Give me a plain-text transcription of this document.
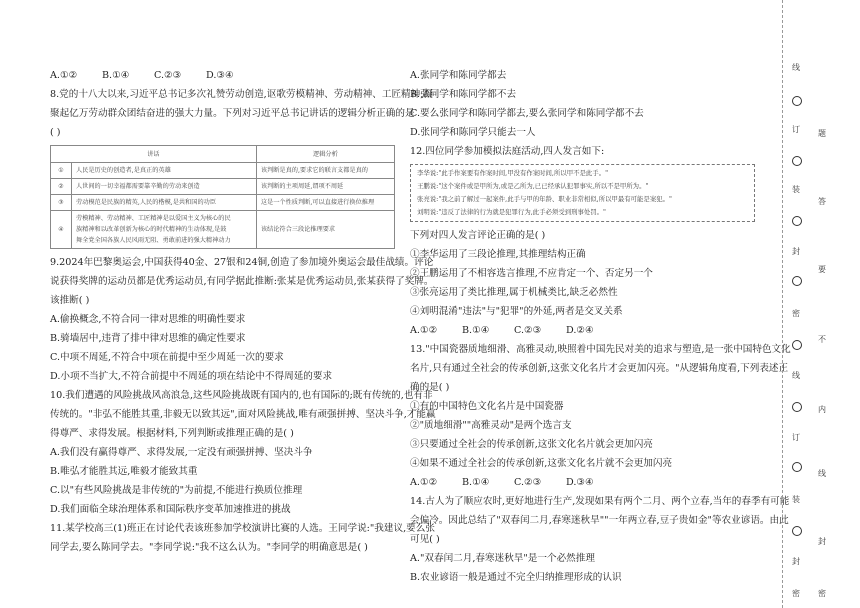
A.①②	B.①④	C.②③	D.③④
8.党的十八大以来,习近平总书记多次礼赞劳动创造,讴歌劳模精神、劳动精神、工匠精神,凝
聚起亿万劳动群众团结奋进的强大力量。下列对习近平总书记讲话的逻辑分析正确的是
( )
讲话		逻辑分析
①	人民是历史的创造者,是真正的英雄	该判断是真的,要求它的联言支都是真的

②	人世间的一切幸福都需要靠辛勤的劳动来创造	该判断的主项周延,谓项不周延

③	劳动模范是民族的精英,人民的楷模,是共和国的功臣	这是一个性质判断,可以直接进行换位推理

④	劳模精神、劳动精神、工匠精神是以爱国主义为核心的民
族精神和以改革创新为核心的时代精神的生动体现,是鼓
舞全党全国各族人民风雨无阻、勇敢前进的强大精神动力	该结论符合三段论推理要求
9.2024年巴黎奥运会,中国获得40金、27银和24铜,创造了参加境外奥运会最佳战绩。评论
说获得奖牌的运动员都是优秀运动员,有同学据此推断:张某是优秀运动员,张某获得了奖牌。
该推断( )
A.偷换概念,不符合同一律对思维的明确性要求
B.骑墙居中,违背了排中律对思维的确定性要求
C.中项不周延,不符合中项在前提中至少周延一次的要求
D.小项不当扩大,不符合前提中不周延的项在结论中不得周延的要求
10.我们遭遇的风险挑战风高浪急,这些风险挑战既有国内的,也有国际的;既有传统的,也有非
传统的。"非弘不能胜其重,非毅无以致其远",面对风险挑战,唯有顽强拼搏、坚决斗争,才能赢
得尊严、求得发展。根据材料,下列判断或推理正确的是( )
A.我们没有赢得尊严、求得发展,一定没有顽强拼搏、坚决斗争
B.唯弘才能胜其远,唯毅才能致其重
C.以"有些风险挑战是非传统的"为前提,不能进行换质位推理
D.我们面临全球治理体系和国际秩序变革加速推进的挑战
11.某学校高三(1)班正在讨论代表该班参加学校演讲比赛的人选。王同学说:"我建议,要么张
同学去,要么陈同学去。"李同学说:"我不这么认为。"李同学的明确意思是( )
A.张同学和陈同学都去
B.张同学和陈同学都不去
C.要么张同学和陈同学都去,要么张同学和陈同学都不去
D.张同学和陈同学只能去一人
12.四位同学参加模拟法庭活动,四人发言如下:
李华说:"此手作案要有作案时间,甲没有作案时间,所以甲不是此手。"
王鹏说:"这个案件或是甲所为,或是乙所为,已已经承认犯罪事实,所以不是甲所为。"
张亮说:"我之前了解过一起案件,此手与甲的年龄、职业非常相似,所以甲最有可能是案犯。"
刘明说:"违反了法律的行为就是犯罪行为,此手必须受到刑事处罚。"
下列对四人发言评论正确的是( )
①李华运用了三段论推理,其推理结构正确
②王鹏运用了不相容选言推理,不应肯定一个、否定另一个
③张亮运用了类比推理,属于机械类比,缺乏必然性
④刘明混淆"违法"与"犯罪"的外延,两者是交叉关系
A.①②	B.①④	C.②③	D.②④
13."中国瓷器质地细滑、高雅灵动,映照着中国先民对美的追求与塑造,是一张中国特色文化
名片,只有通过全社会的传承创新,这张文化名片才会更加闪亮。"从逻辑角度看,下列表述正
确的是( )
①有的中国特色文化名片是中国瓷器
②"质地细滑""高雅灵动"是两个选言支
③只要通过全社会的传承创新,这张文化名片就会更加闪亮
④如果不通过全社会的传承创新,这张文化名片就不会更加闪亮
A.①②	B.①④	C.②③	D.③④
14.古人为了顺应农时,更好地进行生产,发现如果有两个二月、两个立春,当年的春季有可能
会偏冷。因此总结了"双春闰二月,春寒迷秋旱""一年两立春,豆子贵如金"等农业谚语。由此
可见( )
A."双春闰二月,春寒迷秋旱"是一个必然推理
B.农业谚语一般是通过不完全归纳推理形成的认识
线
订
装
封
密
线
订
装
封
密
题
答
要
不
内
线
封
密
